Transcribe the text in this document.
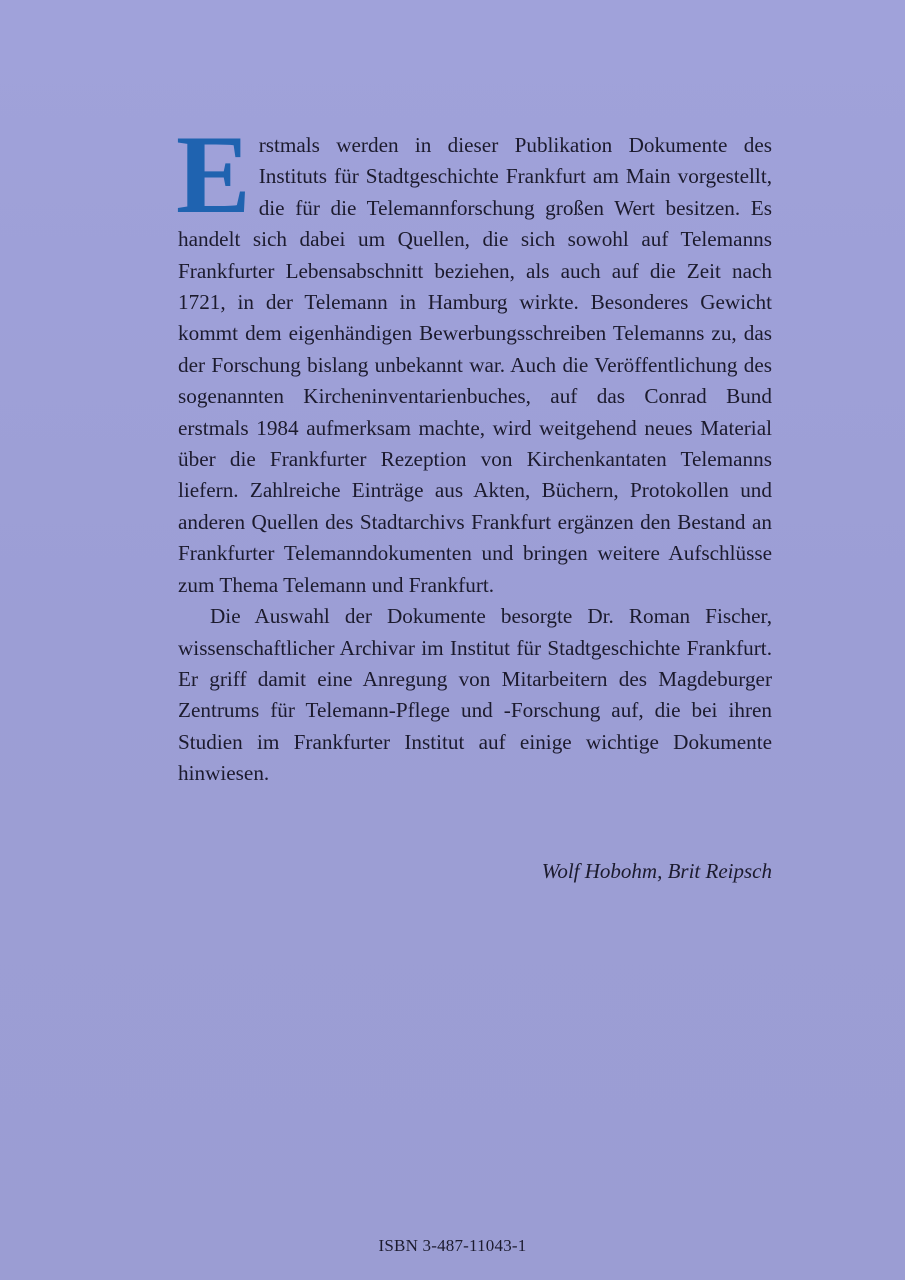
Erstmals werden in dieser Publikation Dokumente des Instituts für Stadtgeschichte Frankfurt am Main vorgestellt, die für die Telemannforschung großen Wert besitzen. Es handelt sich dabei um Quellen, die sich sowohl auf Telemanns Frankfurter Lebensabschnitt beziehen, als auch auf die Zeit nach 1721, in der Telemann in Hamburg wirkte. Besonderes Gewicht kommt dem eigenhändigen Bewerbungsschreiben Telemanns zu, das der Forschung bislang unbekannt war. Auch die Veröffentlichung des sogenannten Kircheninventarienbuches, auf das Conrad Bund erstmals 1984 aufmerksam machte, wird weitgehend neues Material über die Frankfurter Rezeption von Kirchenkantaten Telemanns liefern. Zahlreiche Einträge aus Akten, Büchern, Protokollen und anderen Quellen des Stadtarchivs Frankfurt ergänzen den Bestand an Frankfurter Telemanndokumenten und bringen weitere Aufschlüsse zum Thema Telemann und Frankfurt.

Die Auswahl der Dokumente besorgte Dr. Roman Fischer, wissenschaftlicher Archivar im Institut für Stadtgeschichte Frankfurt. Er griff damit eine Anregung von Mitarbeitern des Magdeburger Zentrums für Telemann-Pflege und -Forschung auf, die bei ihren Studien im Frankfurter Institut auf einige wichtige Dokumente hinwiesen.

Wolf Hobohm, Brit Reipsch
ISBN 3-487-11043-1
